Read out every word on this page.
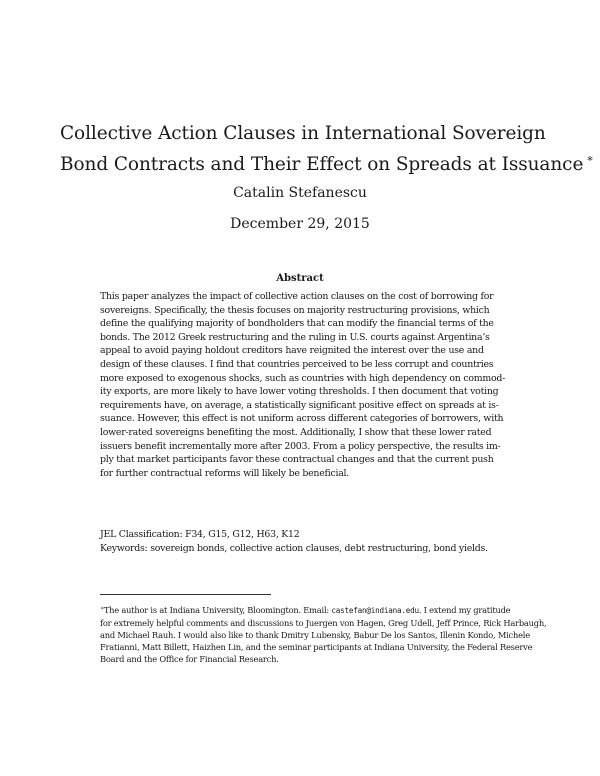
Collective Action Clauses in International Sovereign
Bond Contracts and Their Effect on Spreads at Issuance ∗
Catalin Stefanescu
December 29, 2015
Abstract
This paper analyzes the impact of collective action clauses on the cost of borrowing for
sovereigns. Specifically, the thesis focuses on majority restructuring provisions, which
define the qualifying majority of bondholders that can modify the financial terms of the
bonds. The 2012 Greek restructuring and the ruling in U.S. courts against Argentina’s
appeal to avoid paying holdout creditors have reignited the interest over the use and
design of these clauses. I find that countries perceived to be less corrupt and countries
more exposed to exogenous shocks, such as countries with high dependency on commod-
ity exports, are more likely to have lower voting thresholds. I then document that voting
requirements have, on average, a statistically significant positive effect on spreads at is-
suance. However, this effect is not uniform across different categories of borrowers, with
lower-rated sovereigns benefiting the most. Additionally, I show that these lower rated
issuers benefit incrementally more after 2003. From a policy perspective, the results im-
ply that market participants favor these contractual changes and that the current push
for further contractual reforms will likely be beneficial.
JEL Classification: F34, G15, G12, H63, K12
Keywords: sovereign bonds, collective action clauses, debt restructuring, bond yields.
∗The author is at Indiana University, Bloomington. Email: castefan@indiana.edu. I extend my gratitude
for extremely helpful comments and discussions to Juergen von Hagen, Greg Udell, Jeff Prince, Rick Harbaugh,
and Michael Rauh. I would also like to thank Dmitry Lubensky, Babur De los Santos, Illenin Kondo, Michele
Fratianni, Matt Billett, Haizhen Lin, and the seminar participants at Indiana University, the Federal Reserve
Board and the Office for Financial Research.
